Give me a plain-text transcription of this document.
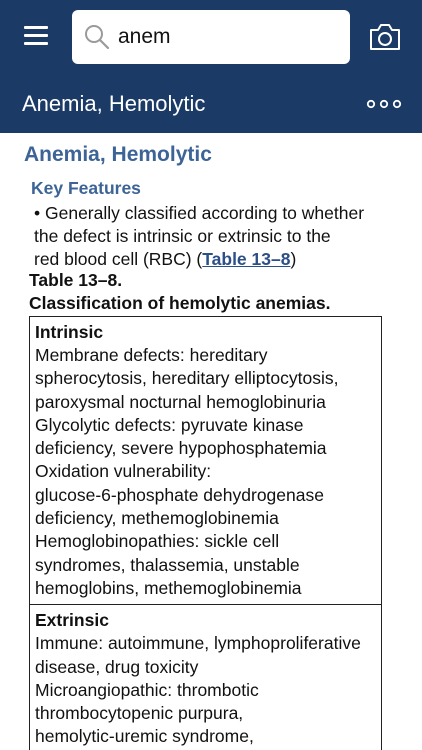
anem
Anemia, Hemolytic
Anemia, Hemolytic
Key Features
• Generally classified according to whether
the defect is intrinsic or extrinsic to the
red blood cell (RBC) (Table 13–8)
Table 13–8.
Classification of hemolytic anemias.
Intrinsic
Membrane defects: hereditary
spherocytosis, hereditary elliptocytosis,
paroxysmal nocturnal hemoglobinuria
Glycolytic defects: pyruvate kinase
deficiency, severe hypophosphatemia
Oxidation vulnerability:
glucose-6-phosphate dehydrogenase
deficiency, methemoglobinemia
Hemoglobinopathies: sickle cell
syndromes, thalassemia, unstable
hemoglobins, methemoglobinemia
Extrinsic
Immune: autoimmune, lymphoproliferative
disease, drug toxicity
Microangiopathic: thrombotic
thrombocytopenic purpura,
hemolytic-uremic syndrome,
